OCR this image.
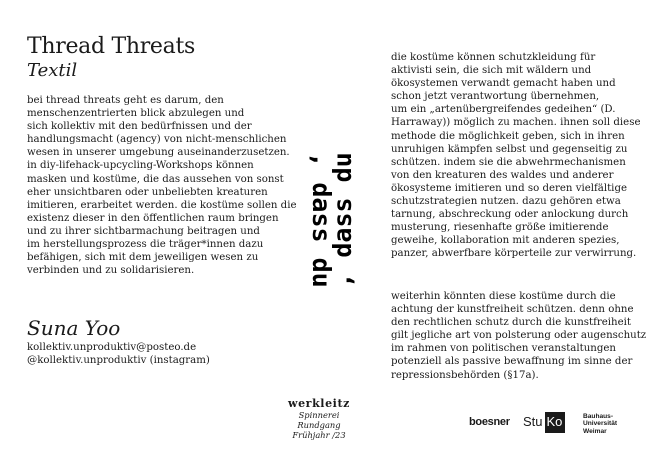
Thread Threats
Textil
bei thread threats geht es darum, den
menschenzentrierten blick abzulegen und
sich kollektiv mit den bedürfnissen und der
handlungsmacht (agency) von nicht-menschlichen
wesen in unserer umgebung auseinanderzusetzen.
in diy-lifehack-upcycling-Workshops können
masken und kostüme, die das aussehen von sonst
eher unsichtbaren oder unbeliebten kreaturen
imitieren, erarbeitet werden. die kostüme sollen die
existenz dieser in den öffentlichen raum bringen
und zu ihrer sichtbarmachung beitragen und
im herstellungsprozess die träger*innen dazu
befähigen, sich mit dem jeweiligen wesen zu
verbinden und zu solidarisieren.
Suna Yoo
kollektiv.unproduktiv@posteo.de
@kollektiv.unproduktiv (instagram)
, dass du
, dass du
die kostüme können schutzkleidung für
aktivisti sein, die sich mit wäldern und
ökosystemen verwandt gemacht haben und
schon jetzt verantwortung übernehmen,
um ein „artenübergreifendes gedeihen“ (D.
Harraway)) möglich zu machen. ihnen soll diese
methode die möglichkeit geben, sich in ihren
unruhigen kämpfen selbst und gegenseitig zu
schützen. indem sie die abwehrmechanismen
von den kreaturen des waldes und anderer
ökosysteme imitieren und so deren vielfältige
schutzstrategien nutzen. dazu gehören etwa
tarnung, abschreckung oder anlockung durch
musterung, riesenhafte größe imitierende
geweihe, kollaboration mit anderen spezies,
panzer, abwerfbare körperteile zur verwirrung.
weiterhin könnten diese kostüme durch die
achtung der kunstfreiheit schützen. denn ohne
den rechtlichen schutz durch die kunstfreiheit
gilt jegliche art von polsterung oder augenschutz
im rahmen von politischen veranstaltungen
potenziell als passive bewaffnung im sinne der
repressionsbehörden (§17a).
werkleitz
Spinnerei
Rundgang
Frühjahr /23
boesner Stu Ko	Bauhaus-
Universität
Weimar
